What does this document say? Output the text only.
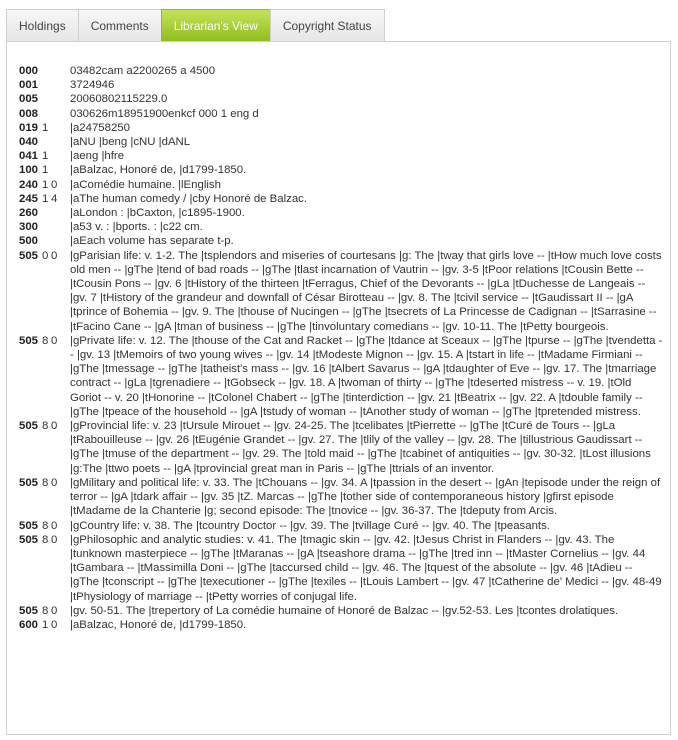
Holdings	Comments	Librarian's View	Copyright Status
000	03482cam a2200265 a 4500
001	3724946
005	20060802115229.0
008	030626m18951900enkcf 000 1 eng d
019 1	|a24758250
040	|aNU |beng |cNU |dANL
041 1	|aeng |hfre
100 1	|aBalzac, Honoré de, |d1799-1850.
240 1 0	|aComédie humaine. |lEnglish
245 1 4	|aThe human comedy / |cby Honoré de Balzac.
260	|aLondon : |bCaxton, |c1895-1900.
300	|a53 v. : |bports. : |c22 cm.
500	|aEach volume has separate t-p.
505 0 0	|gParisian life: v. 1-2. The |tsplendors and miseries of courtesans |g: The |tway that girls love -- |tHow much love costs old men -- |gThe |tend of bad roads -- |gThe |tlast incarnation of Vautrin -- |gv. 3-5 |tPoor relations |tCousin Bette -- |tCousin Pons -- |gv. 6 |tHistory of the thirteen |tFerragus, Chief of the Devorants -- |gLa |tDuchesse de Langeais -- |gv. 7 |tHistory of the grandeur and downfall of César Birotteau -- |gv. 8. The |tcivil service -- |tGaudissart II -- |gA |tprince of Bohemia -- |gv. 9. The |thouse of Nucingen -- |gThe |tsecrets of La Princesse de Cadignan -- |tSarrasine -- |tFacino Cane -- |gA |tman of business -- |gThe |tinvoluntary comedians -- |gv. 10-11. The |tPetty bourgeois.
505 8 0	|gPrivate life: v. 12. The |thouse of the Cat and Racket -- |gThe |tdance at Sceaux -- |gThe |tpurse -- |gThe |tvendetta -- |gv. 13 |tMemoirs of two young wives -- |gv. 14 |tModeste Mignon -- |gv. 15. A |tstart in life -- |tMadame Firmiani -- |gThe |tmessage -- |gThe |tatheist's mass -- |gv. 16 |tAlbert Savarus -- |gA |tdaughter of Eve -- |gv. 17. The |tmarriage contract -- |gLa |tgrenadiere -- |tGobseck -- |gv. 18. A |twoman of thirty -- |gThe |tdeserted mistress -- v. 19. |tOld Goriot -- v. 20 |tHonorine -- |tColonel Chabert -- |gThe |tinterdiction -- |gv. 21 |tBeatrix -- |gv. 22. A |tdouble family -- |gThe |tpeace of the household -- |gA |tstudy of woman -- |tAnother study of woman -- |gThe |tpretended mistress.
505 8 0	|gProvincial life: v. 23 |tUrsule Mirouet -- |gv. 24-25. The |tcelibates |tPierrette -- |gThe |tCuré de Tours -- |gLa |tRabouilleuse -- |gv. 26 |tEugénie Grandet -- |gv. 27. The |tlily of the valley -- |gv. 28. The |tillustrious Gaudissart -- |gThe |tmuse of the department -- |gv. 29. The |told maid -- |gThe |tcabinet of antiquities -- |gv. 30-32. |tLost illusions |g:The |ttwo poets -- |gA |tprovincial great man in Paris -- |gThe |ttrials of an inventor.
505 8 0	|gMilitary and political life: v. 33. The |tChouans -- |gv. 34. A |tpassion in the desert -- |gAn |tepisode under the reign of terror -- |gA |tdark affair -- |gv. 35 |tZ. Marcas -- |gThe |tother side of contemporaneous history |gfirst episode |tMadame de la Chanterie |g; second episode: The |tnovice -- |gv. 36-37. The |tdeputy from Arcis.
505 8 0	|gCountry life: v. 38. The |tcountry Doctor -- |gv. 39. The |tvillage Curé -- |gv. 40. The |tpeasants.
505 8 0	|gPhilosophic and analytic studies: v. 41. The |tmagic skin -- |gv. 42. |tJesus Christ in Flanders -- |gv. 43. The |tunknown masterpiece -- |gThe |tMaranas -- |gA |tseashore drama -- |gThe |tred inn -- |tMaster Cornelius -- |gv. 44 |tGambara -- |tMassimilla Doni -- |gThe |taccursed child -- |gv. 46. The |tquest of the absolute -- |gv. 46 |tAdieu -- |gThe |tconscript -- |gThe |texecutioner -- |gThe |texiles -- |tLouis Lambert -- |gv. 47 |tCatherine de' Medici -- |gv. 48-49 |tPhysiology of marriage -- |tPetty worries of conjugal life.
505 8 0	|gv. 50-51. The |trepertory of La comédie humaine of Honoré de Balzac -- |gv.52-53. Les |tcontes drolatiques.
600 1 0	|aBalzac, Honoré de, |d1799-1850.
